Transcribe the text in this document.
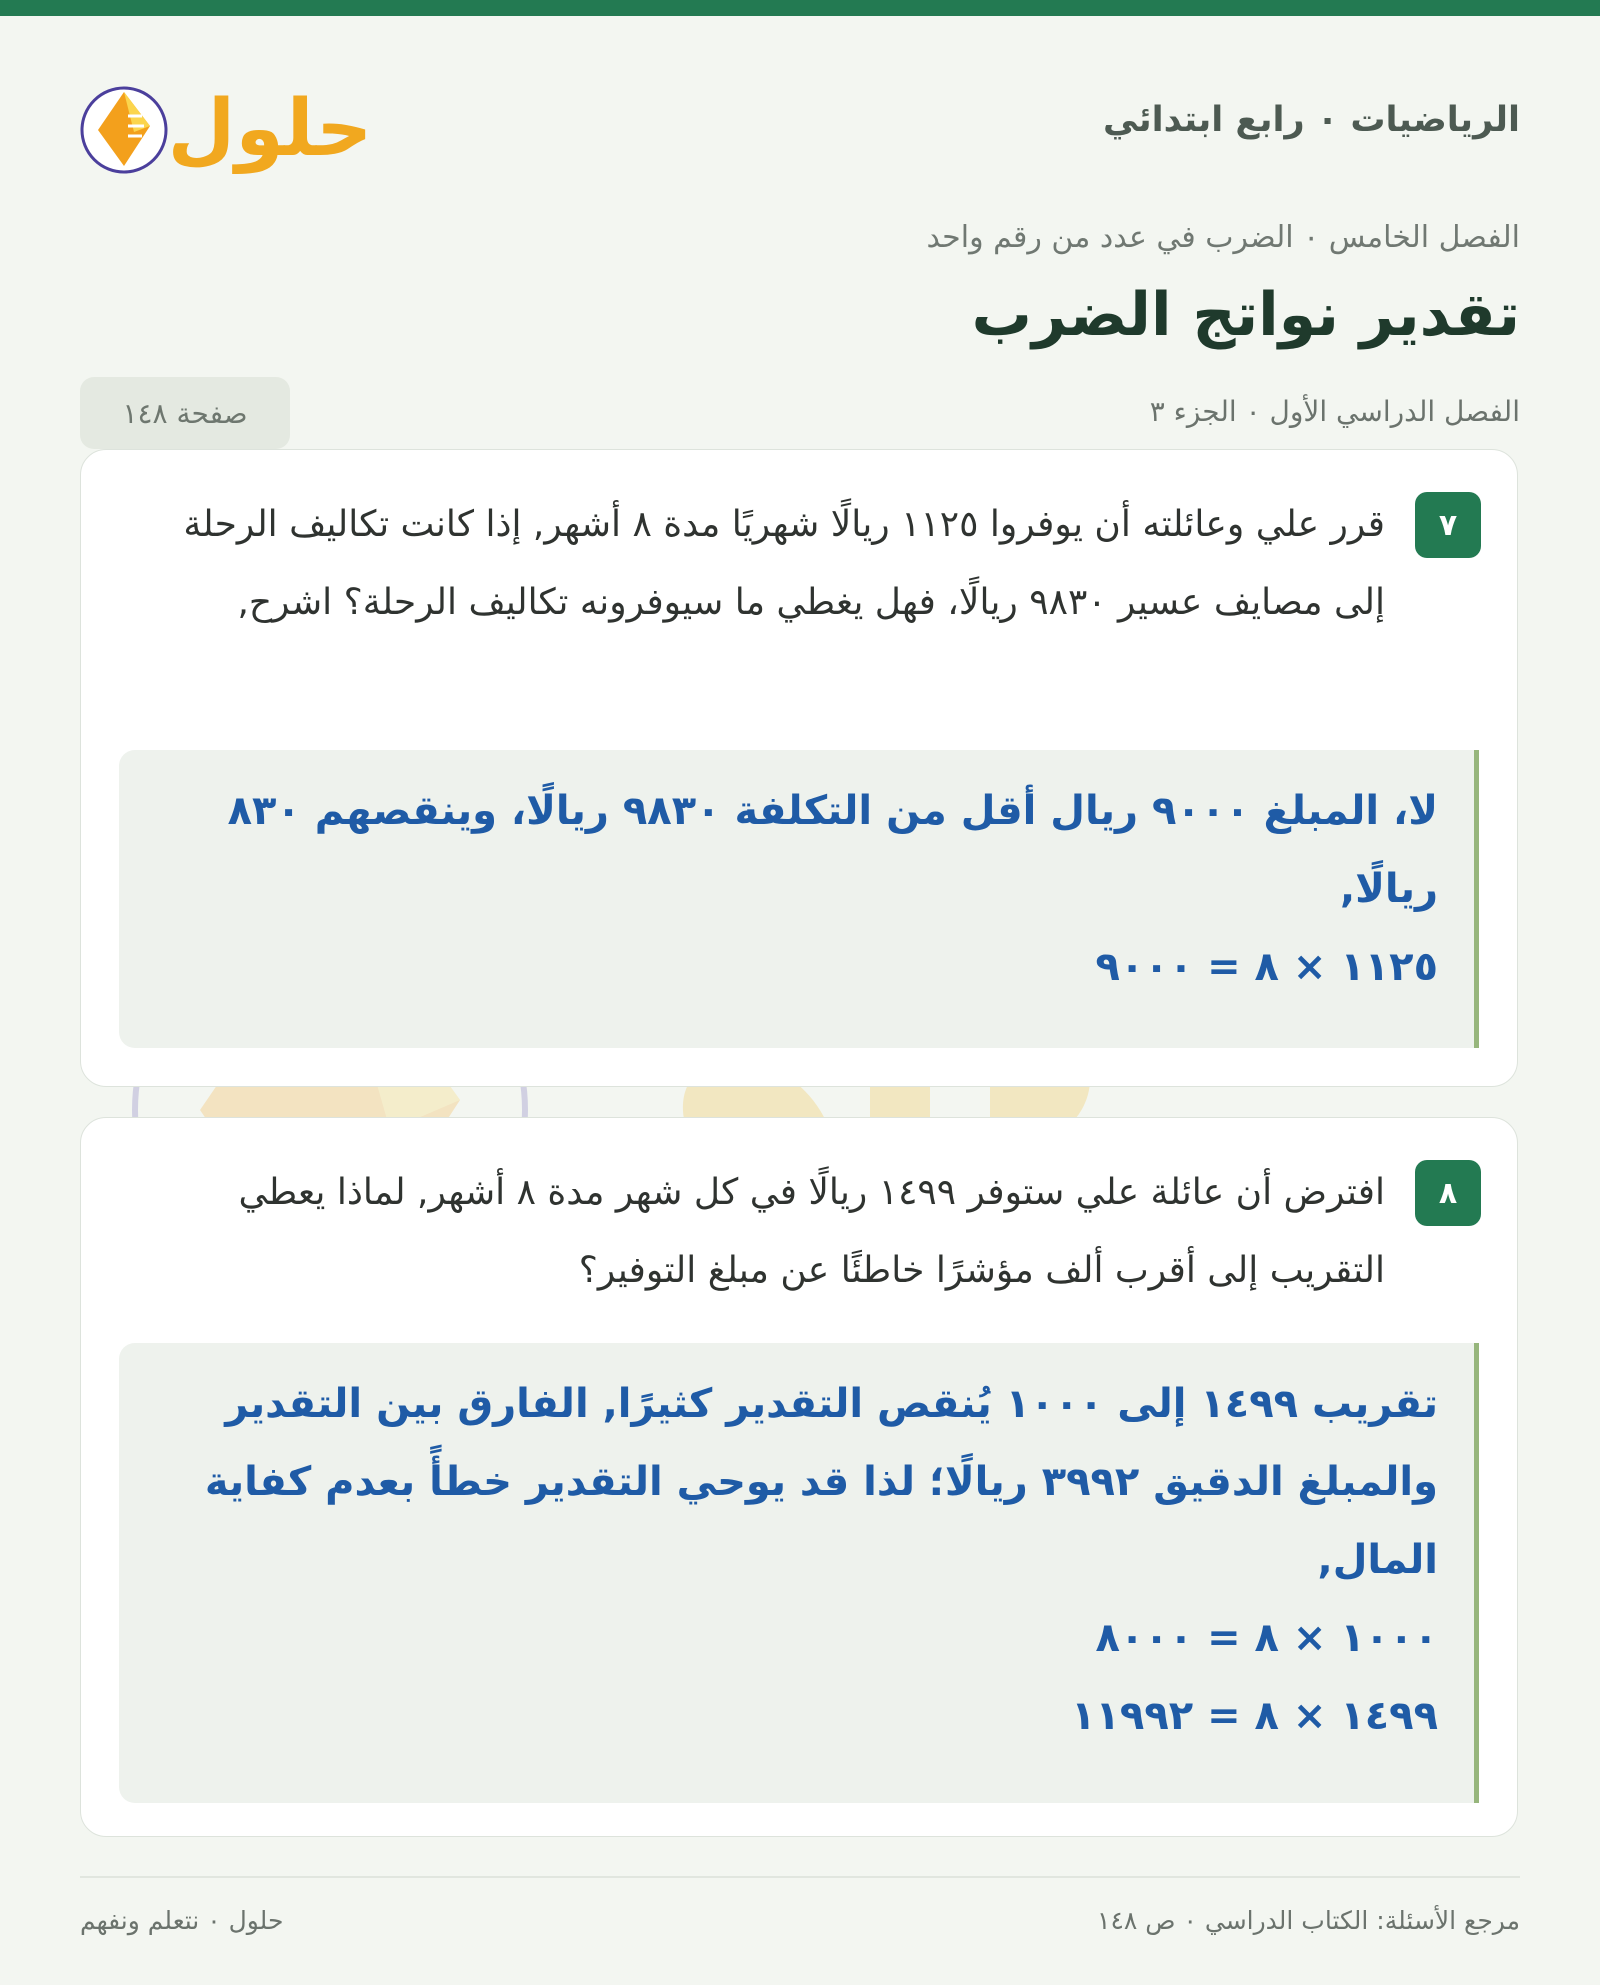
الرياضيات ٠ رابع ابتدائي
حلول
الفصل الخامس ٠ الضرب في عدد من رقم واحد
تقدير نواتج الضرب
الفصل الدراسي الأول ٠ الجزء ٣
صفحة ١٤٨
٧
قرر علي وعائلته أن يوفروا ١١٢٥ ريالًا شهريًا مدة ٨ أشهر, إذا كانت تكاليف الرحلة إلى مصايف عسير ٩٨٣٠ ريالًا، فهل يغطي ما سيوفرونه تكاليف الرحلة؟ اشرح,

لا، المبلغ ٩٠٠٠ ريال أقل من التكلفة ٩٨٣٠ ريالًا، وينقصهم ٨٣٠ ريالًا,

١١٢٥ × ٨ = ٩٠٠٠

٨
افترض أن عائلة علي ستوفر ١٤٩٩ ريالًا في كل شهر مدة ٨ أشهر, لماذا يعطي التقريب إلى أقرب ألف مؤشرًا خاطئًا عن مبلغ التوفير؟

تقريب ١٤٩٩ إلى ١٠٠٠ يُنقص التقدير كثيرًا, الفارق بين التقدير والمبلغ الدقيق ٣٩٩٢ ريالًا؛ لذا قد يوحي التقدير خطأً بعدم كفاية المال,

١٠٠٠ × ٨ = ٨٠٠٠

١٤٩٩ × ٨ = ١١٩٩٢

مرجع الأسئلة: الكتاب الدراسي ٠ ص ١٤٨
حلول ٠ نتعلم ونفهم
